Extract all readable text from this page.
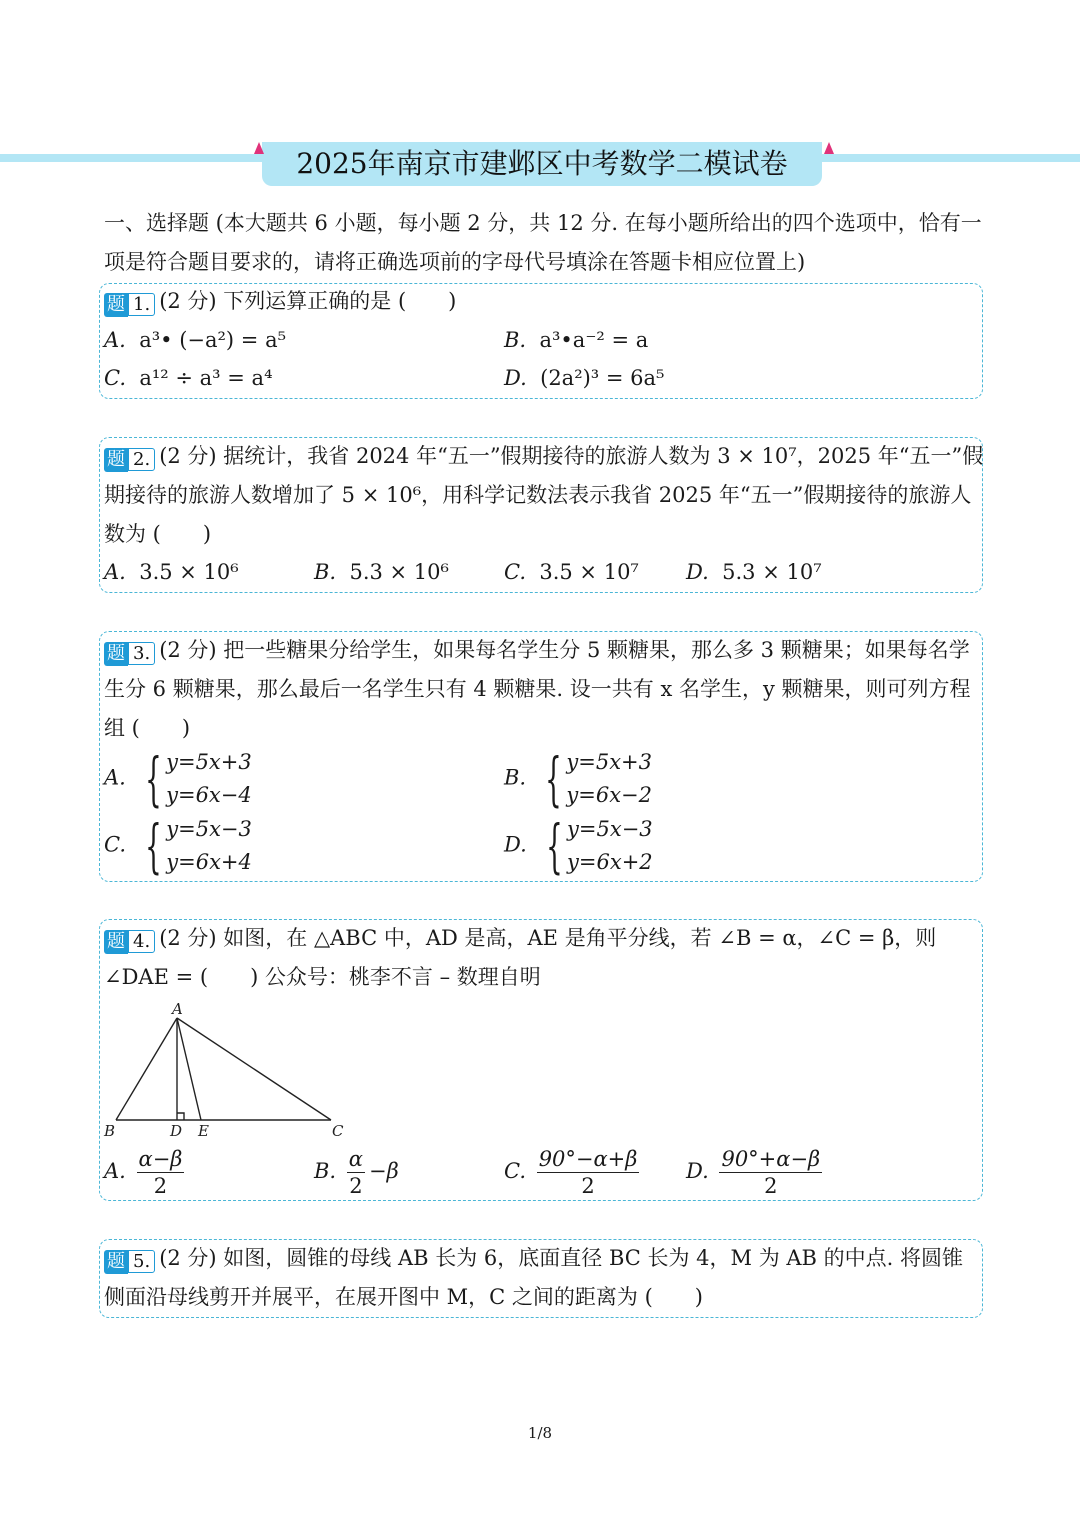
2025年南京市建邺区中考数学二模试卷
一、选择题 (本大题共 6 小题，每小题 2 分，共 12 分. 在每小题所给出的四个选项中，恰有一项是符合题目要求的，请将正确选项前的字母代号填涂在答题卡相应位置上)
题 1. (2 分) 下列运算正确的是 (　　)
A. a³• (−a²) = a⁵	B. a³•a⁻² = a
C. a¹² ÷ a³ = a⁴	D. (2a²)³ = 6a⁵
题 2. (2 分) 据统计，我省 2024 年“五一”假期接待的旅游人数为 3 × 10⁷，2025 年“五一”假期接待的旅游人数增加了 5 × 10⁶，用科学记数法表示我省 2025 年“五一”假期接待的旅游人数为 (　　)
A. 3.5 × 10⁶	B. 5.3 × 10⁶	C. 3.5 × 10⁷ D. 5.3 × 10⁷
题 3. (2 分) 把一些糖果分给学生，如果每名学生分 5 颗糖果，那么多 3 颗糖果；如果每名学生分 6 颗糖果，那么最后一名学生只有 4 颗糖果. 设一共有 x 名学生，y 颗糖果，则可列方程组 (　　)
A. { y=5x+3
y=6x−4
B. { y=5x+3
y=6x−2
C. { y=5x−3
y=6x+4
D. { y=5x−3
y=6x+2
题 4. (2 分) 如图，在 △ABC 中，AD 是高，AE 是角平分线，若 ∠B = α，∠C = β，则 ∠DAE = (　　) 公众号：桃李不言 – 数理自明
A
B	D E	C
A. $\frac{\alpha-\beta}{2}$	B. $\frac{\alpha}{2} -\beta$	C. $\frac{90^\circ-\alpha+\beta}{2} D$. $\frac{90^\circ+\alpha-\beta}{2}$
题 5. (2 分) 如图，圆锥的母线 AB 长为 6，底面直径 BC 长为 4，M 为 AB 的中点. 将圆锥侧面沿母线剪开并展平，在展开图中 M，C 之间的距离为 (　　)
1/8
